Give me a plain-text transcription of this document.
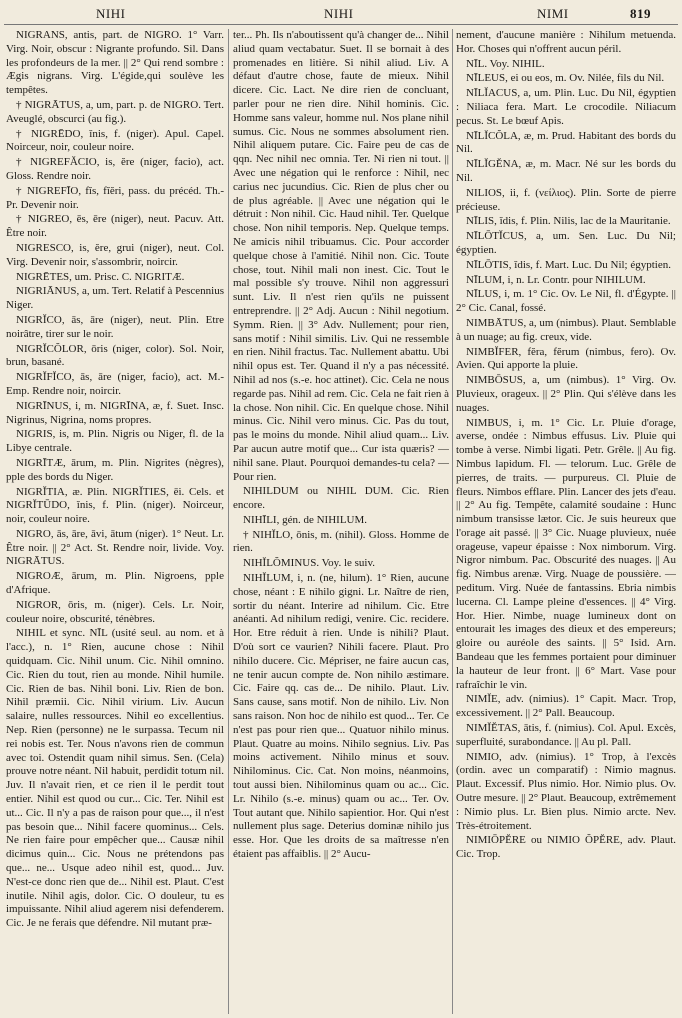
NIHI	NIHI	NIMI	819

NIGRANS, antis, part. de NIGRO. 1° Varr. Virg. Noir, obscur : Nigrante profundo. Sil. Dans les profondeurs de la mer. || 2° Qui rend sombre : Ægis nigrans. Virg. L'égide,qui soulève les tempêtes.

† NIGRĀTUS, a, um, part. p. de NIGRO. Tert. Aveuglé, obscurci (au fig.).

† NIGRĒDO, ĭnis, f. (niger). Apul. Capel. Noirceur, noir, couleur noire.

† NIGREFĂCIO, is, ĕre (niger, facio), act. Gloss. Rendre noir.

† NIGREFĪO, fĭs, fĭĕri, pass. du précéd. Th.-Pr. Devenir noir.

† NIGREO, ēs, ēre (niger), neut. Pacuv. Att. Être noir.

NIGRESCO, is, ĕre, grui (niger), neut. Col. Virg. Devenir noir, s'assombrir, noircir.

NIGRĒTES, um. Prisc. C. NIGRITÆ.

NIGRIĀNUS, a, um. Tert. Relatif à Pescennius Niger.

NIGRĬCO, ās, āre (niger), neut. Plin. Etre noirâtre, tirer sur le noir.

NIGRĬCŎLOR, ōris (niger, color). Sol. Noir, brun, basané.

NIGRĬFĬCO, ās, āre (niger, facio), act. M.-Emp. Rendre noir, noircir.

NIGRĪNUS, i, m. NIGRĪNA, æ, f. Suet. Insc. Nigrinus, Nigrina, noms propres.

NIGRIS, is, m. Plin. Nigris ou Niger, fl. de la Libye centrale.

NIGRĪTÆ, ārum, m. Plin. Nigrites (nègres), pple des bords du Niger.

NIGRĬTIA, æ. Plin. NIGRĬTIES, ēi. Cels. et NIGRĬTŪDO, ĭnis, f. Plin. (niger). Noirceur, noir, couleur noire.

NIGRO, ās, āre, āvi, ātum (niger). 1° Neut. Lr. Être noir. || 2° Act. St. Rendre noir, livide. Voy. NIGRĀTUS.

NIGROÆ, ārum, m. Plin. Nigroens, pple d'Afrique.

NIGROR, ōris, m. (niger). Cels. Lr. Noir, couleur noire, obscurité, ténèbres.

NIHIL et sync. NĪL (usité seul. au nom. et à l'acc.), n. 1° Rien, aucune chose : Nihil quidquam. Cic. Nihil unum. Cic. Nihil omnino. Cic. Rien du tout, rien au monde. Nihil humile. Cic. Rien de bas. Nihil boni. Liv. Rien de bon. Nihil præmii. Cic. Nihil virium. Liv. Aucun salaire, nulles ressources. Nihil eo excellentius. Nep. Rien (personne) ne le surpassa. Tecum nil rei nobis est. Ter. Nous n'avons rien de commun avec toi. Ostendit quam nihil simus. Sen. (Cela) prouve notre néant. Nil habuit, perdidit totum nil. Juv. Il n'avait rien, et ce rien il le perdit tout entier. Nihil est quod ou cur... Cic. Ter. Nihil est ut... Cic. Il n'y a pas de raison pour que..., il n'est pas besoin que... Nihil facere quominus... Cels. Ne rien faire pour empêcher que... Causæ nihil dicimus quin... Cic. Nous ne prétendons pas que... ne... Usque adeo nihil est, quod... Juv. N'est-ce donc rien que de... Nihil est. Plaut. C'est inutile. Nihil agis, dolor. Cic. O douleur, tu es impuissante. Nihil aliud agerem nisi defenderem. Cic. Je ne ferais que défendre. Nil mutant præ-

ter... Ph. Ils n'aboutissent qu'à changer de... Nihil aliud quam vectabatur. Suet. Il se bornait à des promenades en litière. Si nihil aliud. Liv. A défaut d'autre chose, faute de mieux. Nihil dicere. Cic. Lact. Ne dire rien de concluant, parler pour ne rien dire. Nihil hominis. Cic. Homme sans valeur, homme nul. Nos plane nihil sumus. Cic. Nous ne sommes absolument rien. Nihil aliquem putare. Cic. Faire peu de cas de qqn. Nec nihil nec omnia. Ter. Ni rien ni tout. || Avec une négation qui le renforce : Nihil, nec carius nec jucundius. Cic. Rien de plus cher ou de plus agréable. || Avec une négation qui le détruit : Non nihil. Cic. Haud nihil. Ter. Quelque chose. Non nihil temporis. Nep. Quelque temps. Ne amicis nihil tribuamus. Cic. Pour accorder quelque chose à l'amitié. Nihil non. Cic. Toute chose, tout. Nihil mali non inest. Cic. Tout le mal possible s'y trouve. Nihil non aggressuri sunt. Liv. Il n'est rien qu'ils ne puissent entreprendre. || 2° Adj. Aucun : Nihil negotium. Symm. Rien. || 3° Adv. Nullement; pour rien, sans motif : Nihil similis. Liv. Qui ne ressemble en rien. Nihil fractus. Tac. Nullement abattu. Ubi nihil opus est. Ter. Quand il n'y a pas nécessité. Nihil ad nos (s.-e. hoc attinet). Cic. Cela ne nous regarde pas. Nihil ad rem. Cic. Cela ne fait rien à la chose. Non nihil. Cic. En quelque chose. Nihil minus. Cic. Nihil vero minus. Cic. Pas du tout, pas le moins du monde. Nihil aliud quam... Liv. Par aucun autre motif que... Cur ista quæris? — nihil sane. Plaut. Pourquoi demandes-tu cela? — Pour rien.

NIHILDUM ou NIHIL DUM. Cic. Rien encore.

NIHĪLI, gén. de NIHILUM.

† NIHĬLO, ōnis, m. (nihil). Gloss. Homme de rien.

NIHĬLŎMINUS. Voy. le suiv.

NIHĬLUM, i, n. (ne, hilum). 1° Rien, aucune chose, néant : E nihilo gigni. Lr. Naître de rien, sortir du néant. Interire ad nihilum. Cic. Etre anéanti. Ad nihilum redigi, venire. Cic. recidere. Hor. Etre réduit à rien. Unde is nihili? Plaut. D'où sort ce vaurien? Nihili facere. Plaut. Pro nihilo ducere. Cic. Mépriser, ne faire aucun cas, ne tenir aucun compte de. Non nihilo æstimare. Cic. Faire qq. cas de... De nihilo. Plaut. Liv. Sans cause, sans motif. Non de nihilo. Liv. Non sans raison. Non hoc de nihilo est quod... Ter. Ce n'est pas pour rien que... Quatuor nihilo minus. Plaut. Quatre au moins. Nihilo segnius. Liv. Pas moins activement. Nihilo minus et souv. Nihilominus. Cic. Cat. Non moins, néanmoins, tout aussi bien. Nihilominus quam ou ac... Cic. Lr. Nihilo (s.-e. minus) quam ou ac... Ter. Ov. Tout autant que. Nihilo sapientior. Hor. Qui n'est nullement plus sage. Deterius dominæ nihilo jus esse. Hor. Que les droits de sa maîtresse n'en étaient pas affaiblis. || 2° Aucu-

nement, d'aucune manière : Nihilum metuenda. Hor. Choses qui n'offrent aucun péril.

NĪL. Voy. NIHIL.

NĪLEUS, ei ou eos, m. Ov. Nilée, fils du Nil.

NĪLĬACUS, a, um. Plin. Luc. Du Nil, égyptien : Niliaca fera. Mart. Le crocodile. Niliacum pecus. St. Le bœuf Apis.

NĪLĬCŎLA, æ, m. Prud. Habitant des bords du Nil.

NĪLĬGĔNA, æ, m. Macr. Né sur les bords du Nil.

NILIOS, ii, f. (νείλιος). Plin. Sorte de pierre précieuse.

NĪLIS, ĭdis, f. Plin. Nilis, lac de la Mauritanie.

NĪLŌTĬCUS, a, um. Sen. Luc. Du Nil; égyptien.

NĪLŌTIS, ĭdis, f. Mart. Luc. Du Nil; égyptien.

NĪLUM, i, n. Lr. Contr. pour NIHILUM.

NĪLUS, i, m. 1° Cic. Ov. Le Nil, fl. d'Égypte. || 2° Cic. Canal, fossé.

NIMBĀTUS, a, um (nimbus). Plaut. Semblable à un nuage; au fig. creux, vide.

NIMBĬFER, fĕra, fĕrum (nimbus, fero). Ov. Avien. Qui apporte la pluie.

NIMBŌSUS, a, um (nimbus). 1° Virg. Ov. Pluvieux, orageux. || 2° Plin. Qui s'élève dans les nuages.

NIMBUS, i, m. 1° Cic. Lr. Pluie d'orage, averse, ondée : Nimbus effusus. Liv. Pluie qui tombe à verse. Nimbi ligati. Petr. Grêle. || Au fig. Nimbus lapidum. Fl. — telorum. Luc. Grêle de pierres, de traits. — purpureus. Cl. Pluie de fleurs. Nimbos efflare. Plin. Lancer des jets d'eau. || 2° Au fig. Tempête, calamité soudaine : Hunc nimbum transisse lætor. Cic. Je suis heureux que l'orage ait passé. || 3° Cic. Nuage pluvieux, nuée orageuse, vapeur épaisse : Nox nimborum. Virg. Nigror nimbum. Pac. Obscurité des nuages. || Au fig. Nimbus arenæ. Virg. Nuage de poussière. — peditum. Virg. Nuée de fantassins. Ebria nimbis lucerna. Cl. Lampe pleine d'essences. || 4° Virg. Hor. Hier. Nimbe, nuage lumineux dont on entourait les images des dieux et des empereurs; gloire ou auréole des saints. || 5° Isid. Arn. Bandeau que les femmes portaient pour diminuer la hauteur de leur front. || 6° Mart. Vase pour rafraîchir le vin.

NIMĬE, adv. (nimius). 1° Capit. Macr. Trop, excessivement. || 2° Pall. Beaucoup.

NIMĬĔTAS, ātis, f. (nimius). Col. Apul. Excès, superfluité, surabondance. || Au pl. Pall.

NIMIO, adv. (nimius). 1° Trop, à l'excès (ordin. avec un comparatif) : Nimio magnus. Plaut. Excessif. Plus nimio. Hor. Nimio plus. Ov. Outre mesure. || 2° Plaut. Beaucoup, extrêmement : Nimio plus. Lr. Bien plus. Nimio arcte. Nev. Très-étroitement.

NIMIŌPĔRE ou NIMIO ŎPĔRE, adv. Plaut. Cic. Trop.
